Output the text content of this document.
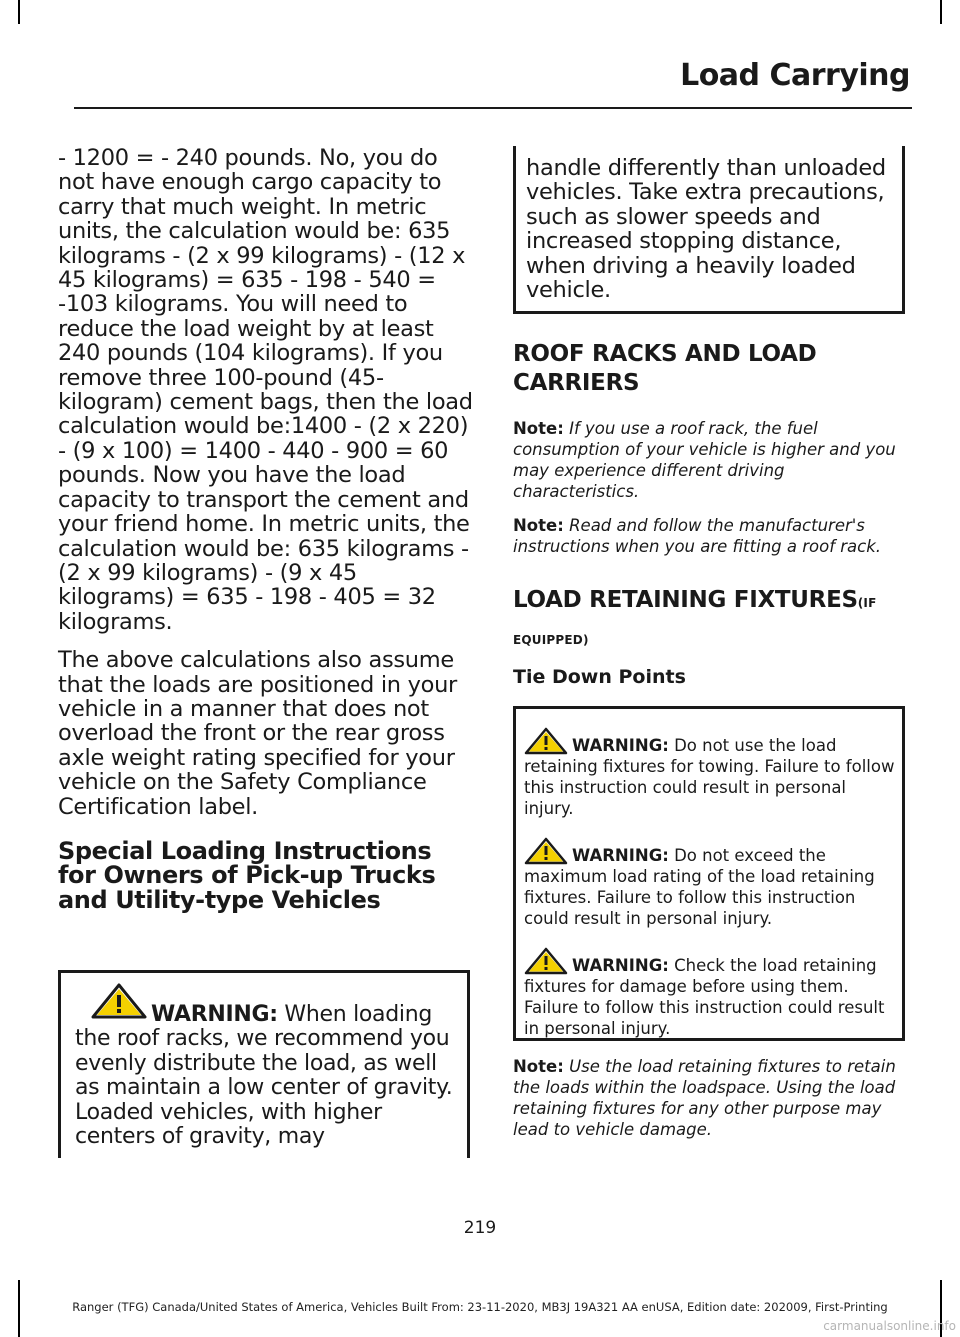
Load Carrying

- 1200 = - 240 pounds. No, you do not have enough cargo capacity to carry that much weight. In metric units, the calculation would be: 635 kilograms - (2 x 99 kilograms) - (12 x 45 kilograms) = 635 - 198 - 540 = -103 kilograms. You will need to reduce the load weight by at least 240 pounds (104 kilograms). If you remove three 100-pound (45-kilogram) cement bags, then the load calculation would be:1400 - (2 x 220) - (9 x 100) = 1400 - 440 - 900 = 60 pounds. Now you have the load capacity to transport the cement and your friend home. In metric units, the calculation would be: 635 kilograms - (2 x 99 kilograms) - (9 x 45 kilograms) = 635 - 198 - 405 = 32 kilograms.

The above calculations also assume that the loads are positioned in your vehicle in a manner that does not overload the front or the rear gross axle weight rating specified for your vehicle on the Safety Compliance Certification label.

Special Loading Instructions for Owners of Pick-up Trucks and Utility-type Vehicles

WARNING: When loading the roof racks, we recommend you evenly distribute the load, as well as maintain a low center of gravity. Loaded vehicles, with higher centers of gravity, may

handle differently than unloaded vehicles. Take extra precautions, such as slower speeds and increased stopping distance, when driving a heavily loaded vehicle.

ROOF RACKS AND LOAD
CARRIERS

Note: If you use a roof rack, the fuel consumption of your vehicle is higher and you may experience different driving characteristics.

Note: Read and follow the manufacturer's instructions when you are fitting a roof rack.

LOAD RETAINING FIXTURES(IF
EQUIPPED)
Tie Down Points

WARNING: Do not use the load retaining fixtures for towing. Failure to follow this instruction could result in personal injury.

WARNING: Do not exceed the maximum load rating of the load retaining fixtures. Failure to follow this instruction could result in personal injury.

WARNING: Check the load retaining fixtures for damage before using them. Failure to follow this instruction could result in personal injury.

Note: Use the load retaining fixtures to retain the loads within the loadspace. Using the load retaining fixtures for any other purpose may lead to vehicle damage.

219
Ranger (TFG) Canada/United States of America, Vehicles Built From: 23-11-2020, MB3J 19A321 AA enUSA, Edition date: 202009, First-Printing
carmanualsonline.info
